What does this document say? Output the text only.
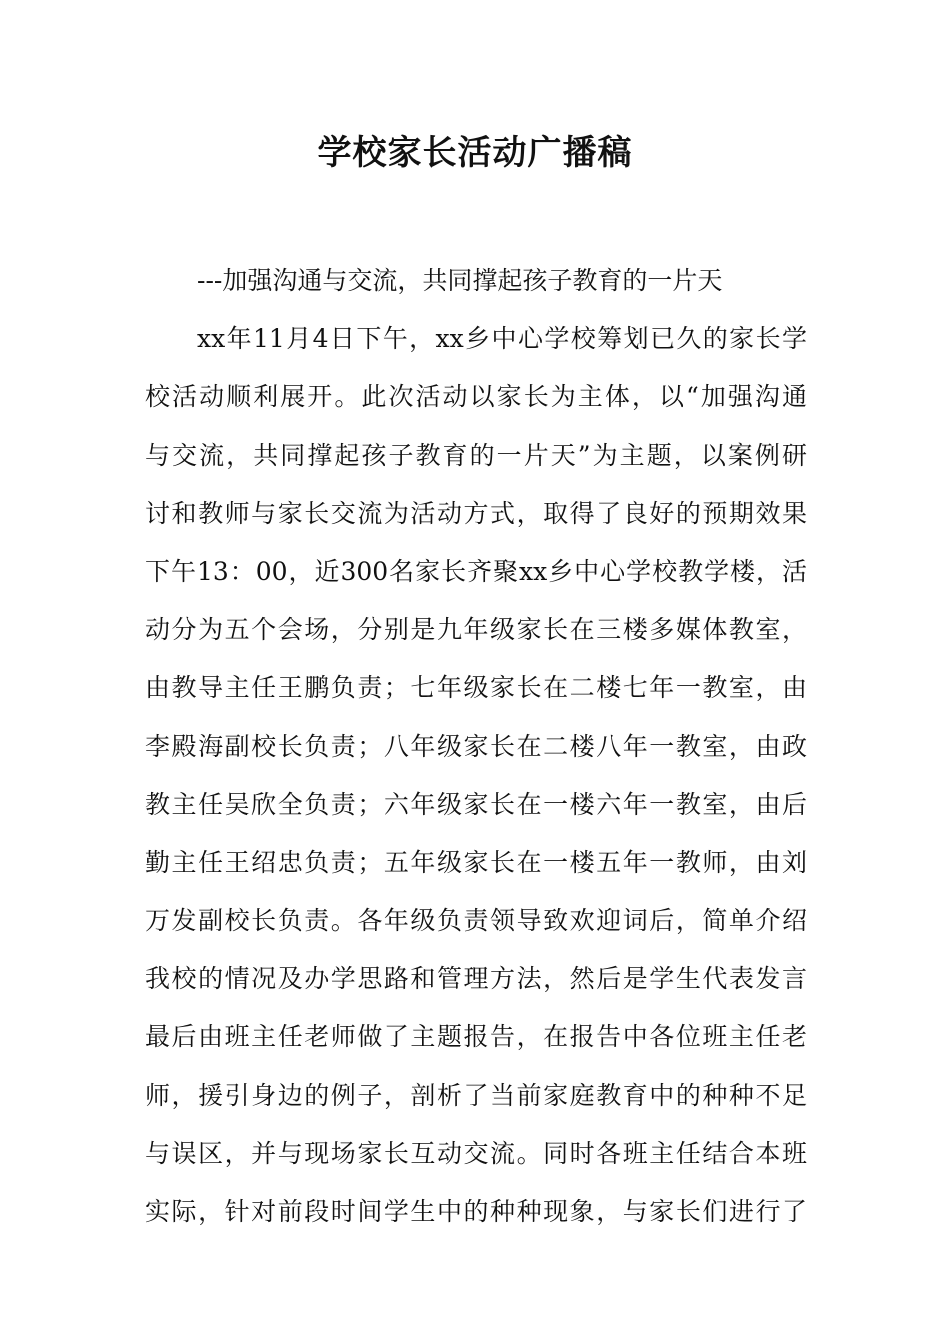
学校家长活动广播稿
---加强沟通与交流，共同撑起孩子教育的一片天
xx年11月4日下午，xx乡中心学校筹划已久的家长学
校活动顺利展开。此次活动以家长为主体，以“加强沟通
与交流，共同撑起孩子教育的一片天”为主题，以案例研
讨和教师与家长交流为活动方式，取得了良好的预期效果
下午13：00，近300名家长齐聚xx乡中心学校教学楼，活
动分为五个会场，分别是九年级家长在三楼多媒体教室，
由教导主任王鹏负责；七年级家长在二楼七年一教室，由
李殿海副校长负责；八年级家长在二楼八年一教室，由政
教主任吴欣全负责；六年级家长在一楼六年一教室，由后
勤主任王绍忠负责；五年级家长在一楼五年一教师，由刘
万发副校长负责。各年级负责领导致欢迎词后，简单介绍
我校的情况及办学思路和管理方法，然后是学生代表发言
最后由班主任老师做了主题报告，在报告中各位班主任老
师，援引身边的例子，剖析了当前家庭教育中的种种不足
与误区，并与现场家长互动交流。同时各班主任结合本班
实际，针对前段时间学生中的种种现象，与家长们进行了
